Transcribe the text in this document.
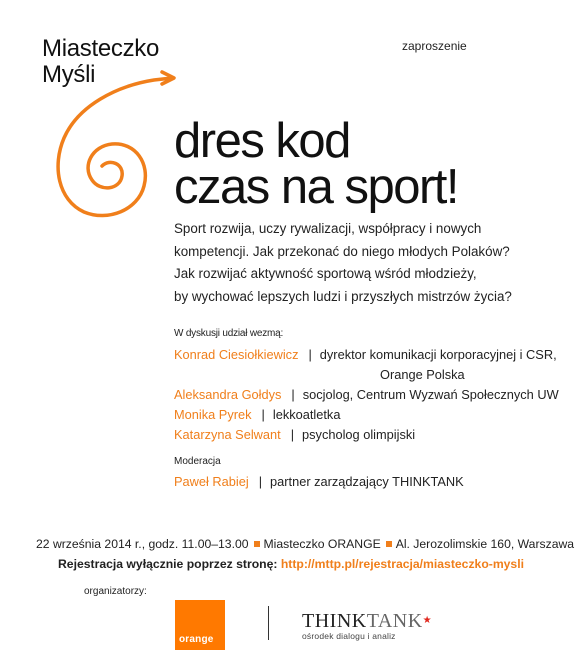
Miasteczko
Myśli
zaproszenie
dres kod
czas na sport!
Sport rozwija, uczy rywalizacji, współpracy i nowych
kompetencji. Jak przekonać do niego młodych Polaków?
Jak rozwijać aktywność sportową wśród młodzieży,
by wychować lepszych ludzi i przyszłych mistrzów życia?
W dyskusji udział wezmą:
Konrad Ciesiołkiewicz | dyrektor komunikacji korporacyjnej i CSR,
Orange Polska
Aleksandra Gołdys | socjolog, Centrum Wyzwań Społecznych UW
Monika Pyrek | lekkoatletka
Katarzyna Selwant | psycholog olimpijski
Moderacja
Paweł Rabiej | partner zarządzający THINKTANK
22 września 2014 r., godz. 11.00–13.00 Miasteczko ORANGE Al. Jerozolimskie 160, Warszawa
Rejestracja wyłącznie poprzez stronę: http://mttp.pl/rejestracja/miasteczko-mysli
organizatorzy:
orange
THINKTANK★
ośrodek dialogu i analiz
